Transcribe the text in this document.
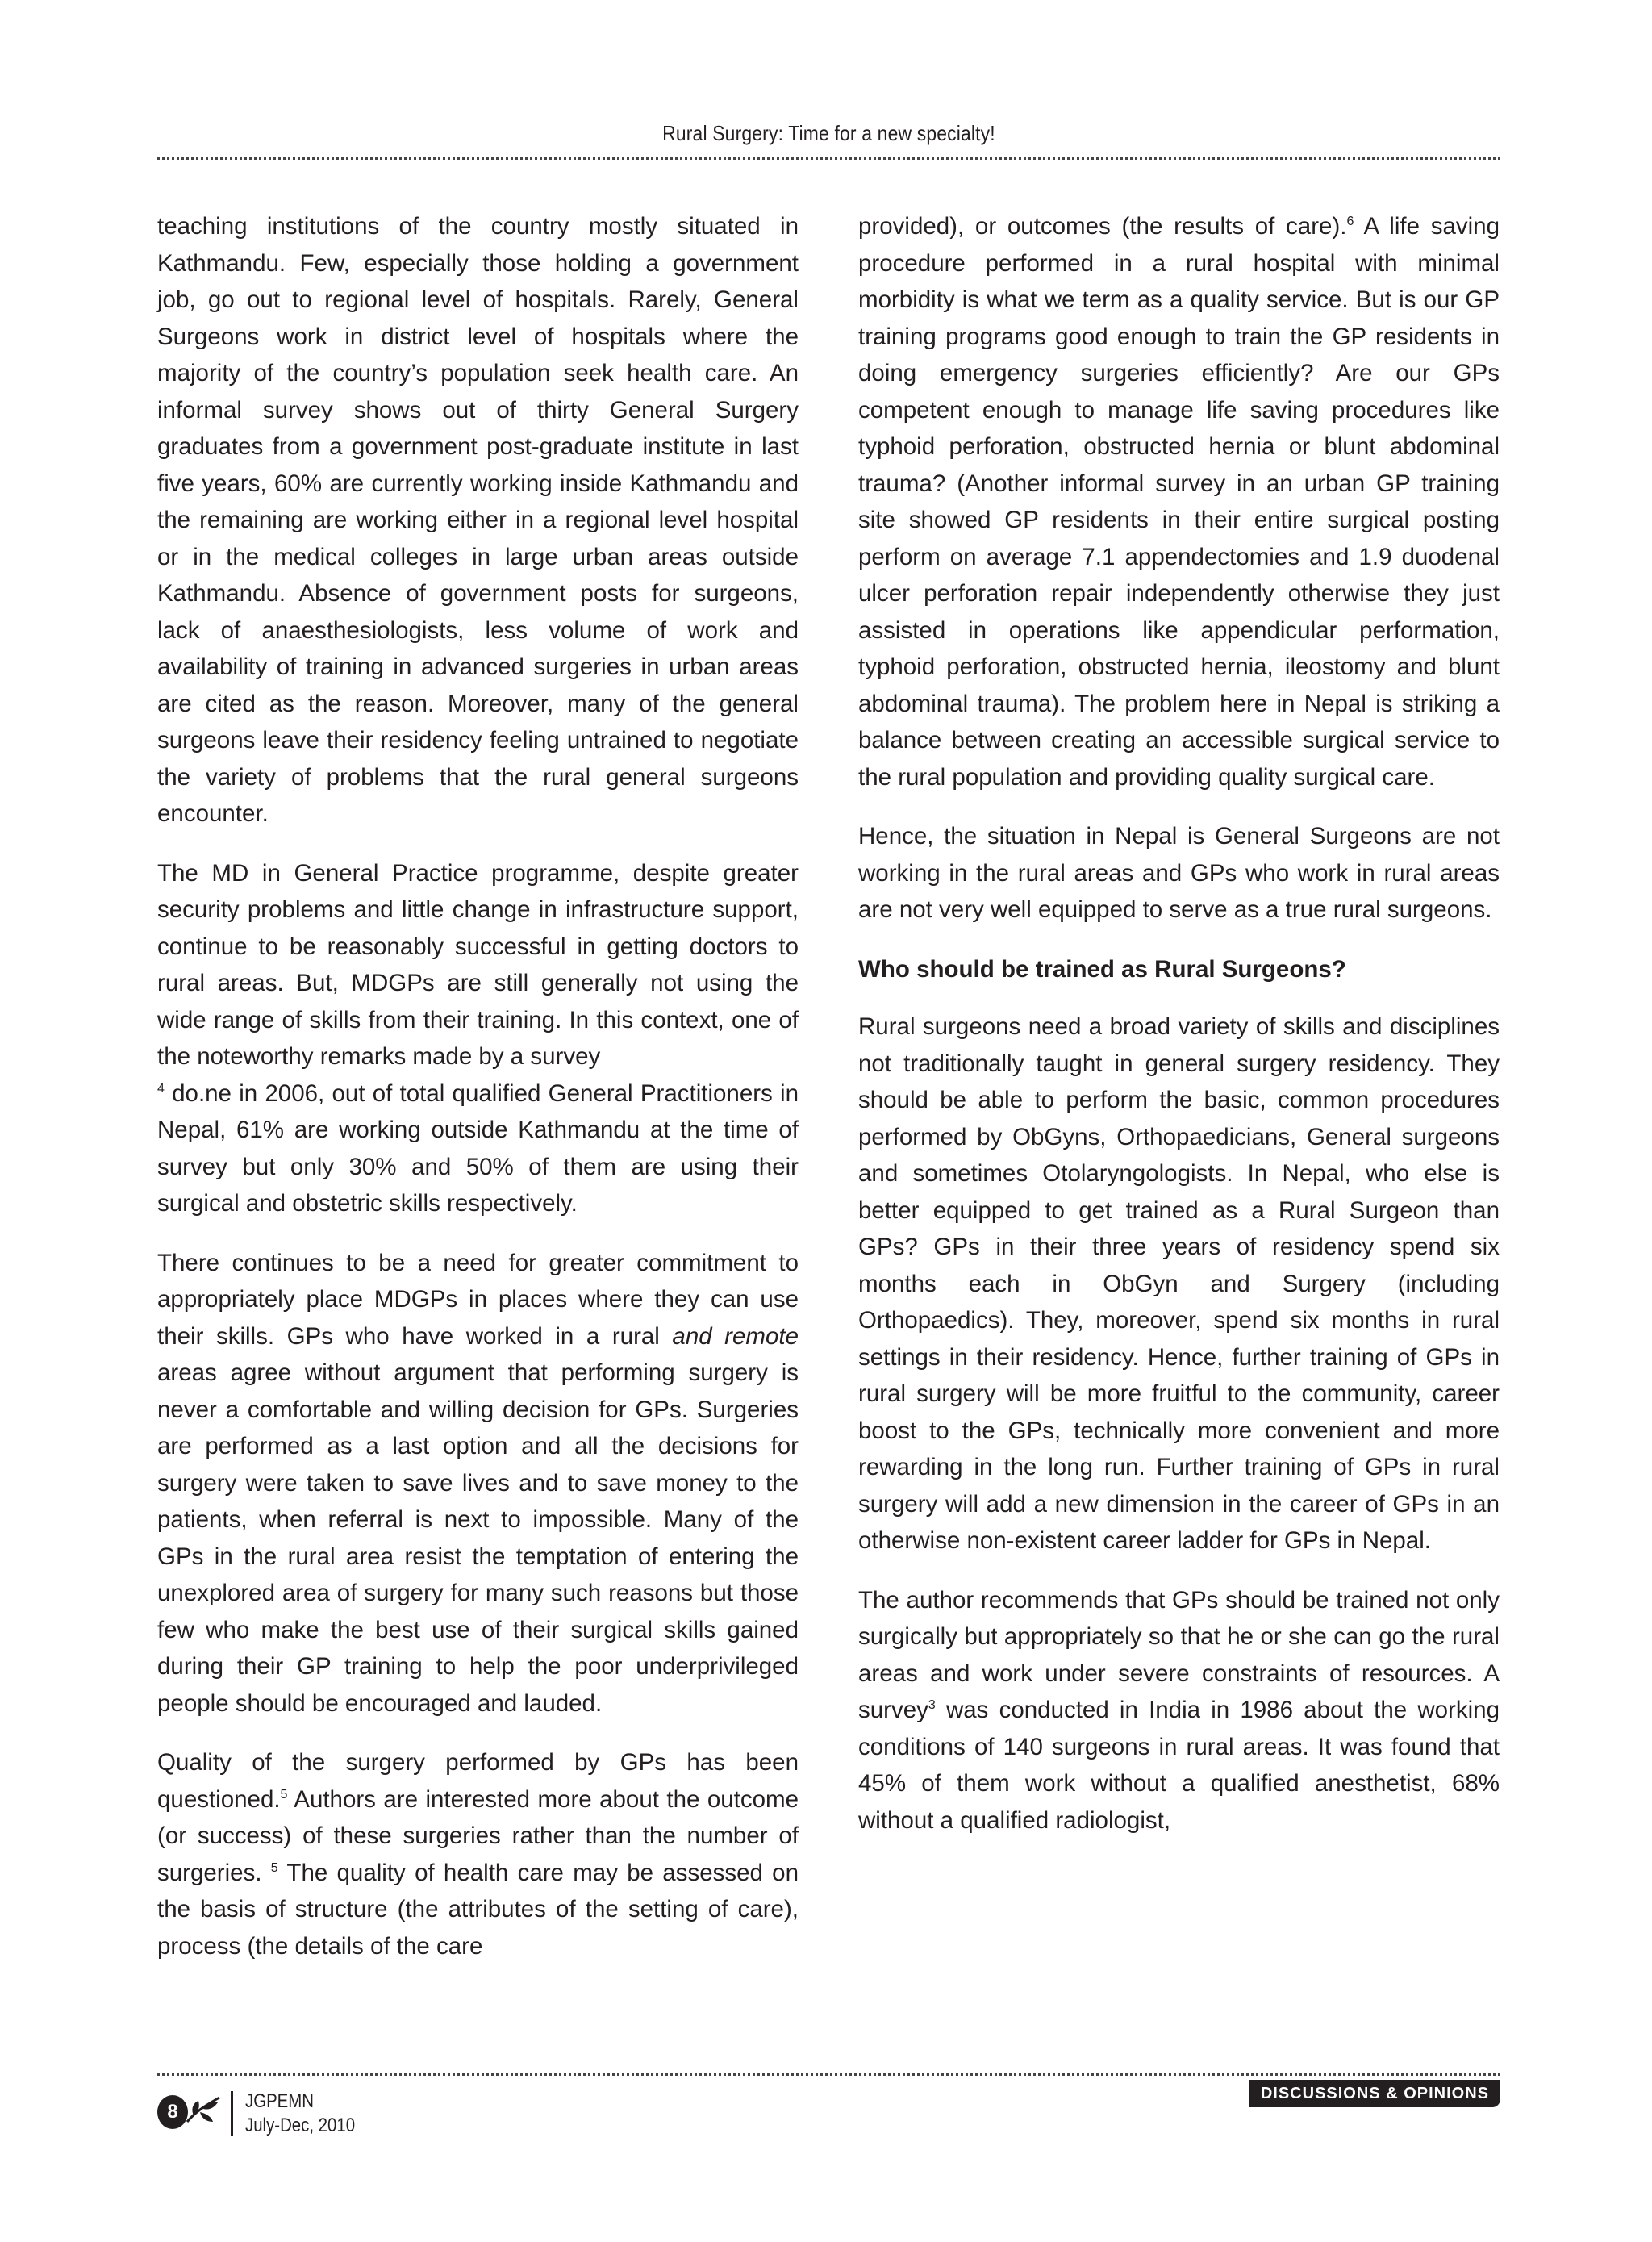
Rural Surgery: Time for a new specialty!

teaching institutions of the country mostly situated in Kathmandu. Few, especially those holding a government job, go out to regional level of hospitals. Rarely, General Surgeons work in district level of hospitals where the majority of the country’s population seek health care. An informal survey shows out of thirty General Surgery graduates from a government post-graduate institute in last five years, 60% are currently working inside Kathmandu and the remaining are working either in a regional level hospital or in the medical colleges in large urban areas outside Kathmandu. Absence of government posts for surgeons, lack of anaesthesiologists, less volume of work and availability of training in advanced surgeries in urban areas are cited as the reason. Moreover, many of the general surgeons leave their residency feeling untrained to negotiate the variety of problems that the rural general surgeons encounter.

The MD in General Practice programme, despite greater security problems and little change in infrastructure support, continue to be reasonably successful in getting doctors to rural areas. But, MDGPs are still generally not using the wide range of skills from their training. In this context, one of the noteworthy remarks made by a survey
$^4$ do.ne in 2006, out of total qualified General Practitioners in Nepal, 61% are working outside Kathmandu at the time of survey but only 30% and 50% of them are using their surgical and obstetric skills respectively.

There continues to be a need for greater commitment to appropriately place MDGPs in places where they can use their skills. GPs who have worked in a rural and remote areas agree without argument that performing surgery is never a comfortable and willing decision for GPs. Surgeries are performed as a last option and all the decisions for surgery were taken to save lives and to save money to the patients, when referral is next to impossible. Many of the GPs in the rural area resist the temptation of entering the unexplored area of surgery for many such reasons but those few who make the best use of their surgical skills gained during their GP training to help the poor underprivileged people should be encouraged and lauded.

Quality of the surgery performed by GPs has been questioned.$^5$ Authors are interested more about the outcome (or success) of these surgeries rather than the number of surgeries. $^5$ The quality of health care may be assessed on the basis of structure (the attributes of the setting of care), process (the details of the care

provided), or outcomes (the results of care).$^6$ A life saving procedure performed in a rural hospital with minimal morbidity is what we term as a quality service. But is our GP training programs good enough to train the GP residents in doing emergency surgeries efficiently? Are our GPs competent enough to manage life saving procedures like typhoid perforation, obstructed hernia or blunt abdominal trauma? (Another informal survey in an urban GP training site showed GP residents in their entire surgical posting perform on average 7.1 appendectomies and 1.9 duodenal ulcer perforation repair independently otherwise they just assisted in operations like appendicular performation, typhoid perforation, obstructed hernia, ileostomy and blunt abdominal trauma). The problem here in Nepal is striking a balance between creating an accessible surgical service to the rural population and providing quality surgical care.

Hence, the situation in Nepal is General Surgeons are not working in the rural areas and GPs who work in rural areas are not very well equipped to serve as a true rural surgeons.

Who should be trained as Rural Surgeons?

Rural surgeons need a broad variety of skills and disciplines not traditionally taught in general surgery residency. They should be able to perform the basic, common procedures performed by ObGyns, Orthopaedicians, General surgeons and sometimes Otolaryngologists. In Nepal, who else is better equipped to get trained as a Rural Surgeon than GPs? GPs in their three years of residency spend six months each in ObGyn and Surgery (including Orthopaedics). They, moreover, spend six months in rural settings in their residency. Hence, further training of GPs in rural surgery will be more fruitful to the community, career boost to the GPs, technically more convenient and more rewarding in the long run. Further training of GPs in rural surgery will add a new dimension in the career of GPs in an otherwise non-existent career ladder for GPs in Nepal.

The author recommends that GPs should be trained not only surgically but appropriately so that he or she can go the rural areas and work under severe constraints of resources. A survey$^3$ was conducted in India in 1986 about the working conditions of 140 surgeons in rural areas. It was found that 45% of them work without a qualified anesthetist, 68% without a qualified radiologist,

8	JGPEMN
July-Dec, 2010
DISCUSSIONS & OPINIONS
